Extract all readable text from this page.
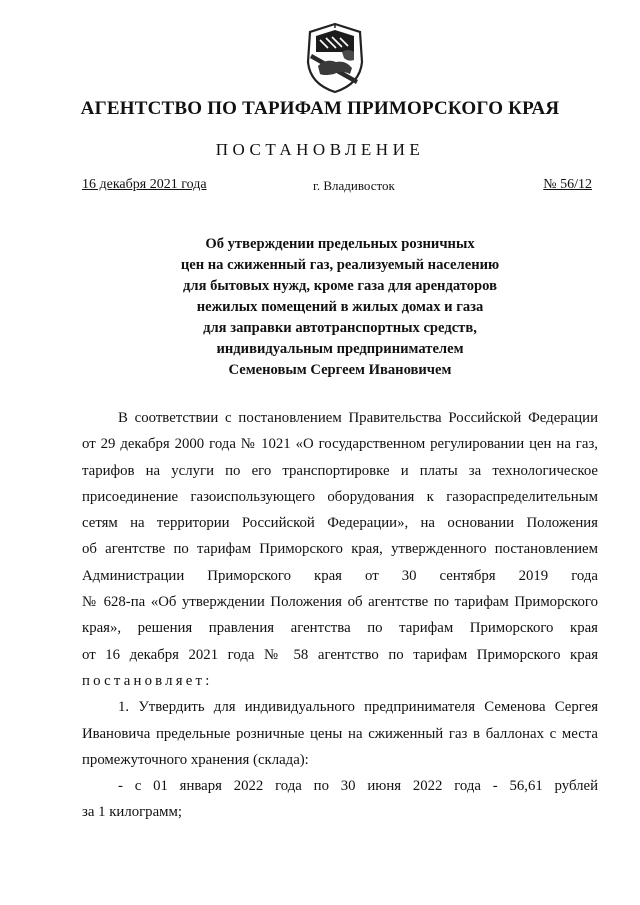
АГЕНТСТВО ПО ТАРИФАМ ПРИМОРСКОГО КРАЯ
ПОСТАНОВЛЕНИЕ
16 декабря 2021 года	г. Владивосток	№ 56/12
Об утверждении предельных розничных
цен на сжиженный газ, реализуемый населению
для бытовых нужд, кроме газа для арендаторов
нежилых помещений в жилых домах и газа
для заправки автотранспортных средств,
индивидуальным предпринимателем
Семеновым Сергеем Ивановичем

В соответствии с постановлением Правительства Российской Федерации

от 29 декабря 2000 года № 1021 «О государственном регулировании цен на газ,

тарифов на услуги по его транспортировке и платы за технологическое

присоединение газоиспользующего оборудования к газораспределительным

сетям на территории Российской Федерации», на основании Положения

об агентстве по тарифам Приморского края, утвержденного постановлением

Администрации Приморского края от 30 сентября 2019 года

№ 628-па «Об утверждении Положения об агентстве по тарифам Приморского

края», решения правления агентства по тарифам Приморского края

от 16 декабря 2021 года № 58 агентство по тарифам Приморского края

постановляет:

1. Утвердить для индивидуального предпринимателя Семенова Сергея

Ивановича предельные розничные цены на сжиженный газ в баллонах с места

промежуточного хранения (склада):

- с 01 января 2022 года по 30 июня 2022 года - 56,61 рублей

за 1 килограмм;
